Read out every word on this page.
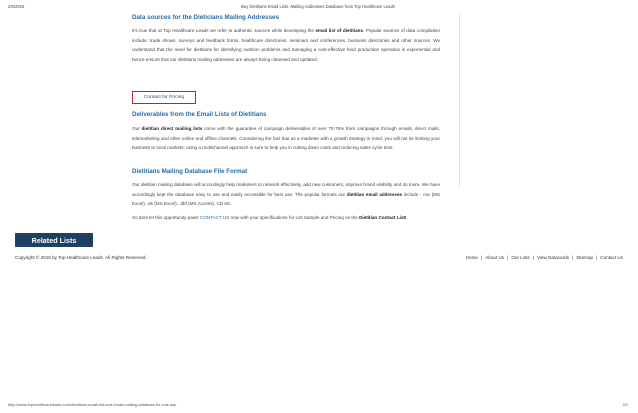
2/6/2016	Buy Dietitians Email Lists, Mailing Addresses Database from Top Healthcare Leads
Data sources for the Dieticians Mailing Addresses

It's true that at Top Healthcare Leads we refer to authentic sources while developing the email list of dietitians. Popular sources of data compilation include: trade shows, surveys and feedback forms, healthcare directories, seminars and conferences, business directories and other sources. We understand that the need for dietitians for identifying nutrition problems and managing a cost-effective food production operation is exponential and hence ensure that our dietitians mailing addresses are always being cleansed and updated.

Contact for Pricing
Deliverables from the Email Lists of Dietitians

Our dietitian direct mailing lists come with the guarantee of campaign deliverables of over 70-75% from campaigns through emails, direct mails, telemarketing and other online and offline channels. Considering the fact that as a marketer with a growth strategy in mind, you will not be limiting your business to local markets; using a multichannel approach is sure to help you in cutting down costs and reducing sales cycle time.

Dietitians Mailing Database File Format

Our dietitian mailing database will accordingly help marketers to network effectively, add new customers, improve brand visibility and do more. We have accordingly kept the database easy to use and easily accessible for best use. The popular formats our dietitian email addresses include - csv (MS Excel), xls (MS Excel), .dbf (MS Access), CD etc.

So dont let this opportunity pass! CONTACT US now with your specifications for List Sample and Pricing on the Dietitian Contact List!

Related Lists
Copyright © 2016 by Top Healthcare Leads. All Rights Reserved.	Home | About Us | Our Lists | View Datacards | Sitemap | Contact Us
http://www.tophealthcareleads.com/dietitians-email-list-and-email-mailing-database-for-rule.asp	2/2
